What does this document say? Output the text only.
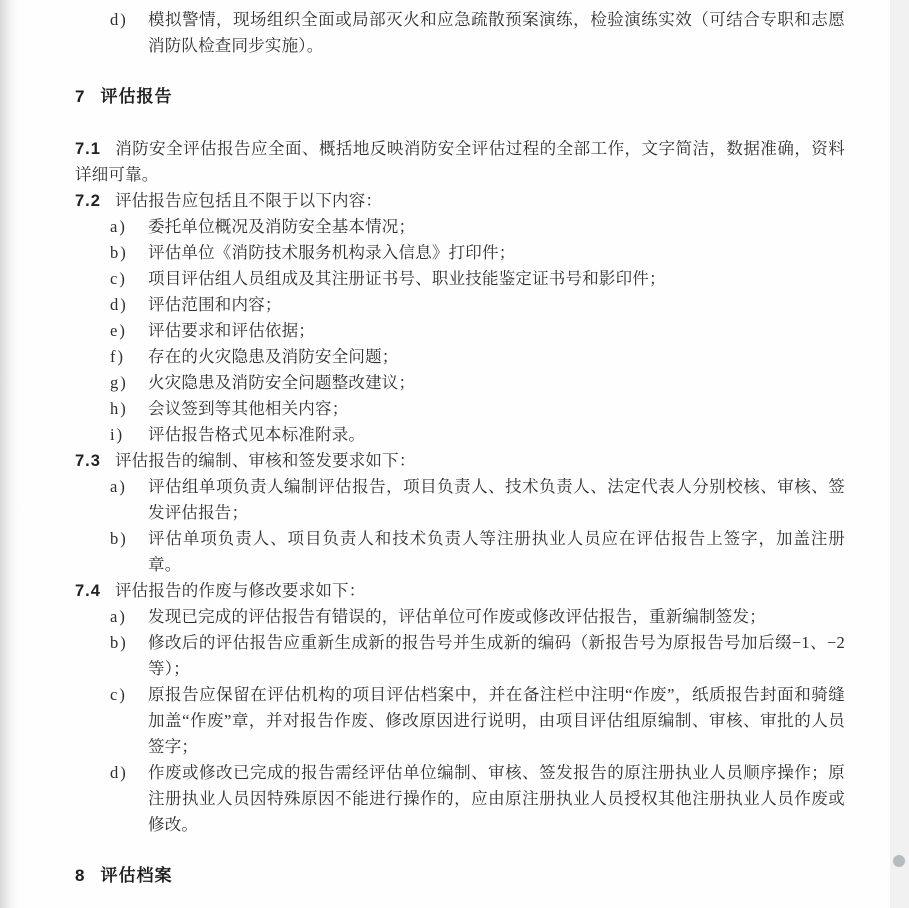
d) 模拟警情，现场组织全面或局部灭火和应急疏散预案演练，检验演练实效（可结合专职和志愿消防队检查同步实施）。
7 评估报告

7.1 消防安全评估报告应全面、概括地反映消防安全评估过程的全部工作，文字简洁，数据准确，资料详细可靠。

7.2 评估报告应包括且不限于以下内容：

a) 委托单位概况及消防安全基本情况；
b) 评估单位《消防技术服务机构录入信息》打印件；
c) 项目评估组人员组成及其注册证书号、职业技能鉴定证书号和影印件；
d) 评估范围和内容；
e) 评估要求和评估依据；
f) 存在的火灾隐患及消防安全问题；
g) 火灾隐患及消防安全问题整改建议；
h) 会议签到等其他相关内容；
i) 评估报告格式见本标准附录。

7.3 评估报告的编制、审核和签发要求如下：

a) 评估组单项负责人编制评估报告，项目负责人、技术负责人、法定代表人分别校核、审核、签发评估报告；
b) 评估单项负责人、项目负责人和技术负责人等注册执业人员应在评估报告上签字，加盖注册章。

7.4 评估报告的作废与修改要求如下：

a) 发现已完成的评估报告有错误的，评估单位可作废或修改评估报告，重新编制签发；
b) 修改后的评估报告应重新生成新的报告号并生成新的编码（新报告号为原报告号加后缀−1、−2 等）；
c) 原报告应保留在评估机构的项目评估档案中，并在备注栏中注明“作废”，纸质报告封面和骑缝加盖“作废”章，并对报告作废、修改原因进行说明，由项目评估组原编制、审核、审批的人员签字；
d) 作废或修改已完成的报告需经评估单位编制、审核、签发报告的原注册执业人员顺序操作；原注册执业人员因特殊原因不能进行操作的，应由原注册执业人员授权其他注册执业人员作废或修改。
8 评估档案
